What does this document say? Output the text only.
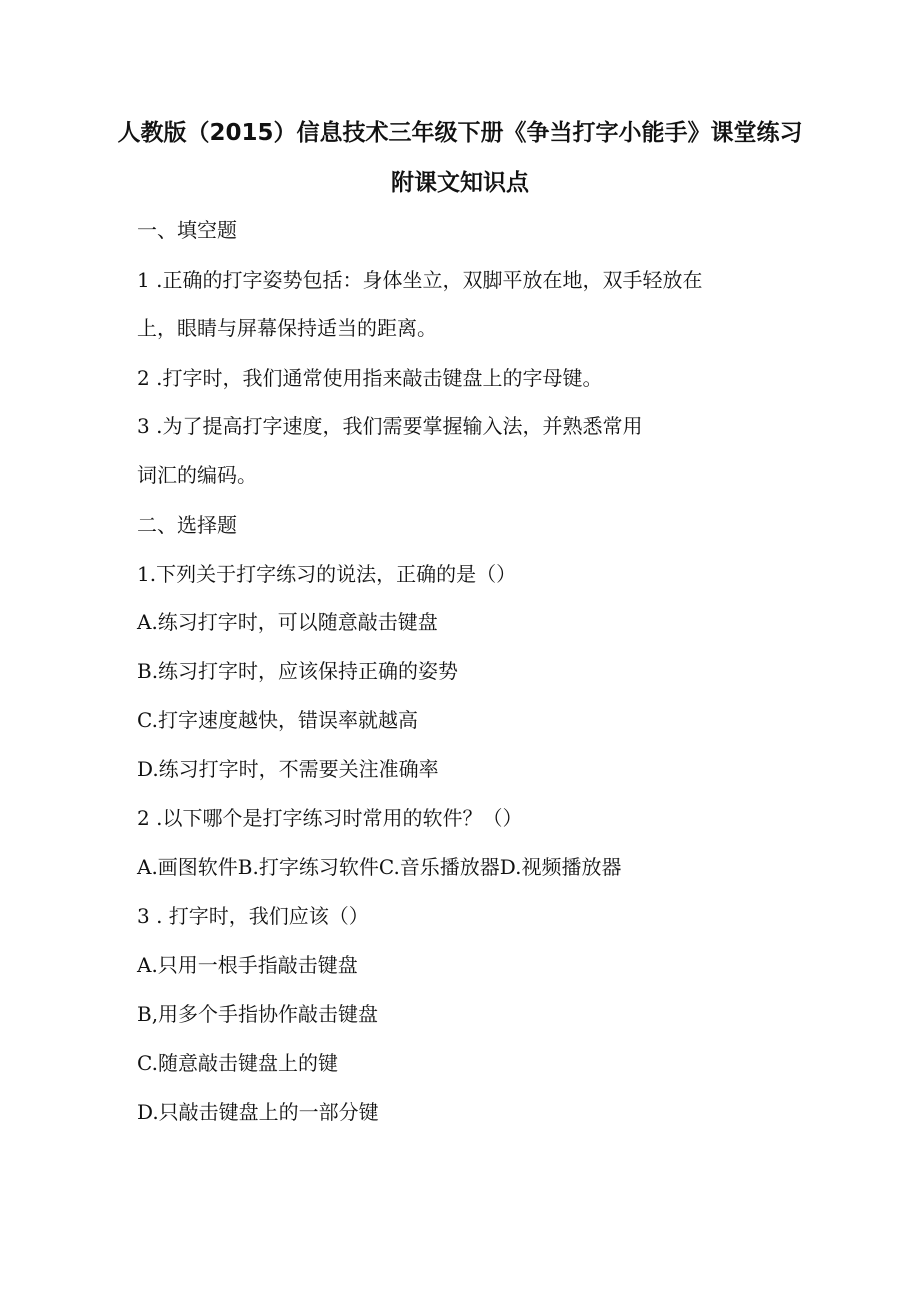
人教版（2015）信息技术三年级下册《争当打字小能手》课堂练习
附课文知识点
一、填空题
1 .正确的打字姿势包括：身体坐立，双脚平放在地，双手轻放在
上，眼睛与屏幕保持适当的距离。
2 .打字时，我们通常使用指来敲击键盘上的字母键。
3 .为了提高打字速度，我们需要掌握输入法，并熟悉常用
词汇的编码。
二、选择题
1.下列关于打字练习的说法，正确的是（）
A.练习打字时，可以随意敲击键盘
B.练习打字时，应该保持正确的姿势
C.打字速度越快，错误率就越高
D.练习打字时，不需要关注准确率
2 .以下哪个是打字练习时常用的软件？（）
A.画图软件B.打字练习软件C.音乐播放器D.视频播放器
3 . 打字时，我们应该（）
A.只用一根手指敲击键盘
B,用多个手指协作敲击键盘
C.随意敲击键盘上的键
D.只敲击键盘上的一部分键
